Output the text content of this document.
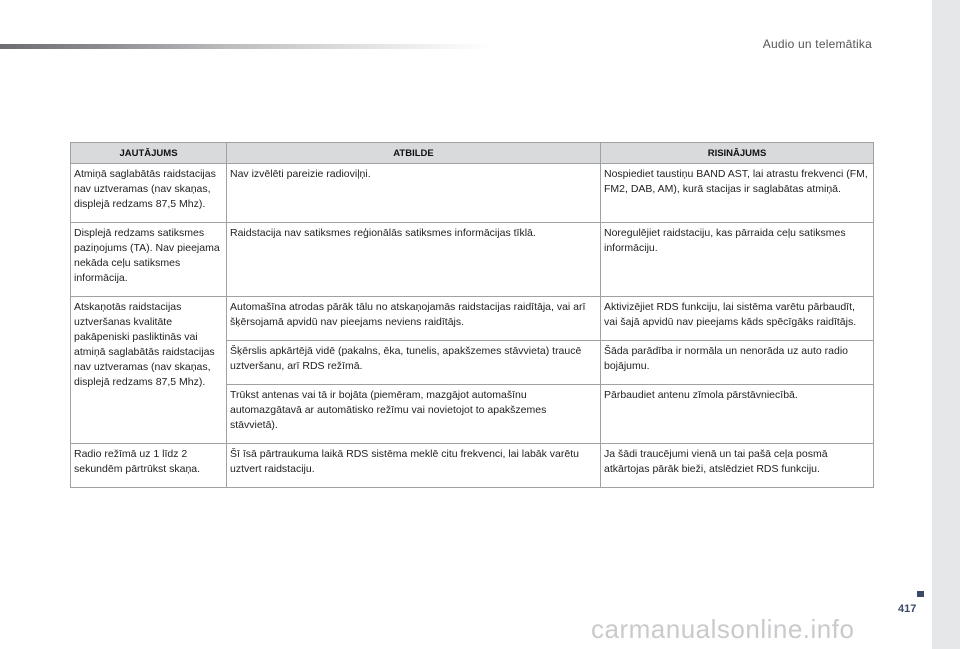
Audio un telemātika
JAUTĀJUMS	ATBILDE	RISINĀJUMS
Atmiņā saglabātās raidstacijas nav uztveramas (nav skaņas, displejā redzams 87,5 Mhz).	Nav izvēlēti pareizie radioviļņi.	Nospiediet taustiņu BAND AST, lai atrastu frekvenci (FM, FM2, DAB, AM), kurā stacijas ir saglabātas atmiņā.
Displejā redzams satiksmes paziņojums (TA). Nav pieejama nekāda ceļu satiksmes informācija.	Raidstacija nav satiksmes reģionālās satiksmes informācijas tīklā.	Noregulējiet raidstaciju, kas pārraida ceļu satiksmes informāciju.
Atskaņotās raidstacijas uztveršanas kvalitāte pakāpeniski pasliktinās vai atmiņā saglabātās raidstacijas nav uztveramas (nav skaņas, displejā redzams 87,5 Mhz).	Automašīna atrodas pārāk tālu no atskaņojamās raidstacijas raidītāja, vai arī šķērsojamā apvidū nav pieejams neviens raidītājs.	Aktivizējiet RDS funkciju, lai sistēma varētu pārbaudīt, vai šajā apvidū nav pieejams kāds spēcīgāks raidītājs.
	Šķērslis apkārtējā vidē (pakalns, ēka, tunelis, apakšzemes stāvvieta) traucē uztveršanu, arī RDS režīmā.	Šāda parādība ir normāla un nenorāda uz auto radio bojājumu.
	Trūkst antenas vai tā ir bojāta (piemēram, mazgājot automašīnu automazgātavā ar automātisko režīmu vai novietojot to apakšzemes stāvvietā).	Pārbaudiet antenu zīmola pārstāvniecībā.
Radio režīmā uz 1 līdz 2 sekundēm pārtrūkst skaņa.	Šī īsā pārtraukuma laikā RDS sistēma meklē citu frekvenci, lai labāk varētu uztvert raidstaciju.	Ja šādi traucējumi vienā un tai pašā ceļa posmā atkārtojas pārāk bieži, atslēdziet RDS funkciju.
417
carmanualsonline.info
